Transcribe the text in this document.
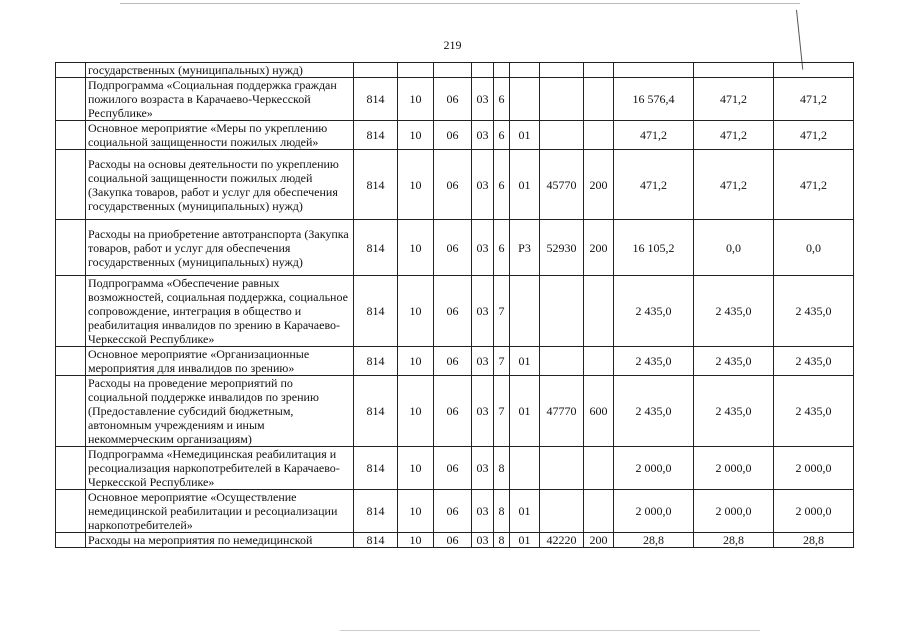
219
	государственных (муниципальных) нужд)											
	Подпрограмма «Социальная поддержка граждан пожилого возраста в Карачаево-Черкесской Республике»	814	10	06	03	6				16 576,4	471,2	471,2
	Основное мероприятие «Меры по укреплению социальной защищенности пожилых людей»	814	10	06	03	6	01			471,2	471,2	471,2
	Расходы на основы деятельности по укреплению социальной защищенности пожилых людей (Закупка товаров, работ и услуг для обеспечения государственных (муниципальных) нужд)	814	10	06	03	6	01	45770	200	471,2	471,2	471,2
	Расходы на приобретение автотранспорта (Закупка товаров, работ и услуг для обеспечения государственных (муниципальных) нужд)	814	10	06	03	6	Р3	52930	200	16 105,2	0,0	0,0
	Подпрограмма «Обеспечение равных возможностей, социальная поддержка, социальное сопровождение, интеграция в общество и реабилитация инвалидов по зрению в Карачаево-Черкесской Республике»	814	10	06	03	7				2 435,0	2 435,0	2 435,0
	Основное мероприятие «Организационные мероприятия для инвалидов по зрению»	814	10	06	03	7	01			2 435,0	2 435,0	2 435,0
	Расходы на проведение мероприятий по социальной поддержке инвалидов по зрению (Предоставление субсидий бюджетным, автономным учреждениям и иным некоммерческим организациям)	814	10	06	03	7	01	47770	600	2 435,0	2 435,0	2 435,0
	Подпрограмма «Немедицинская реабилитация и ресоциализация наркопотребителей в Карачаево-Черкесской Республике»	814	10	06	03	8				2 000,0	2 000,0	2 000,0
	Основное мероприятие «Осуществление немедицинской реабилитации и ресоциализации наркопотребителей»	814	10	06	03	8	01			2 000,0	2 000,0	2 000,0
	Расходы на мероприятия по немедицинской	814	10	06	03	8	01	42220	200	28,8	28,8	28,8
